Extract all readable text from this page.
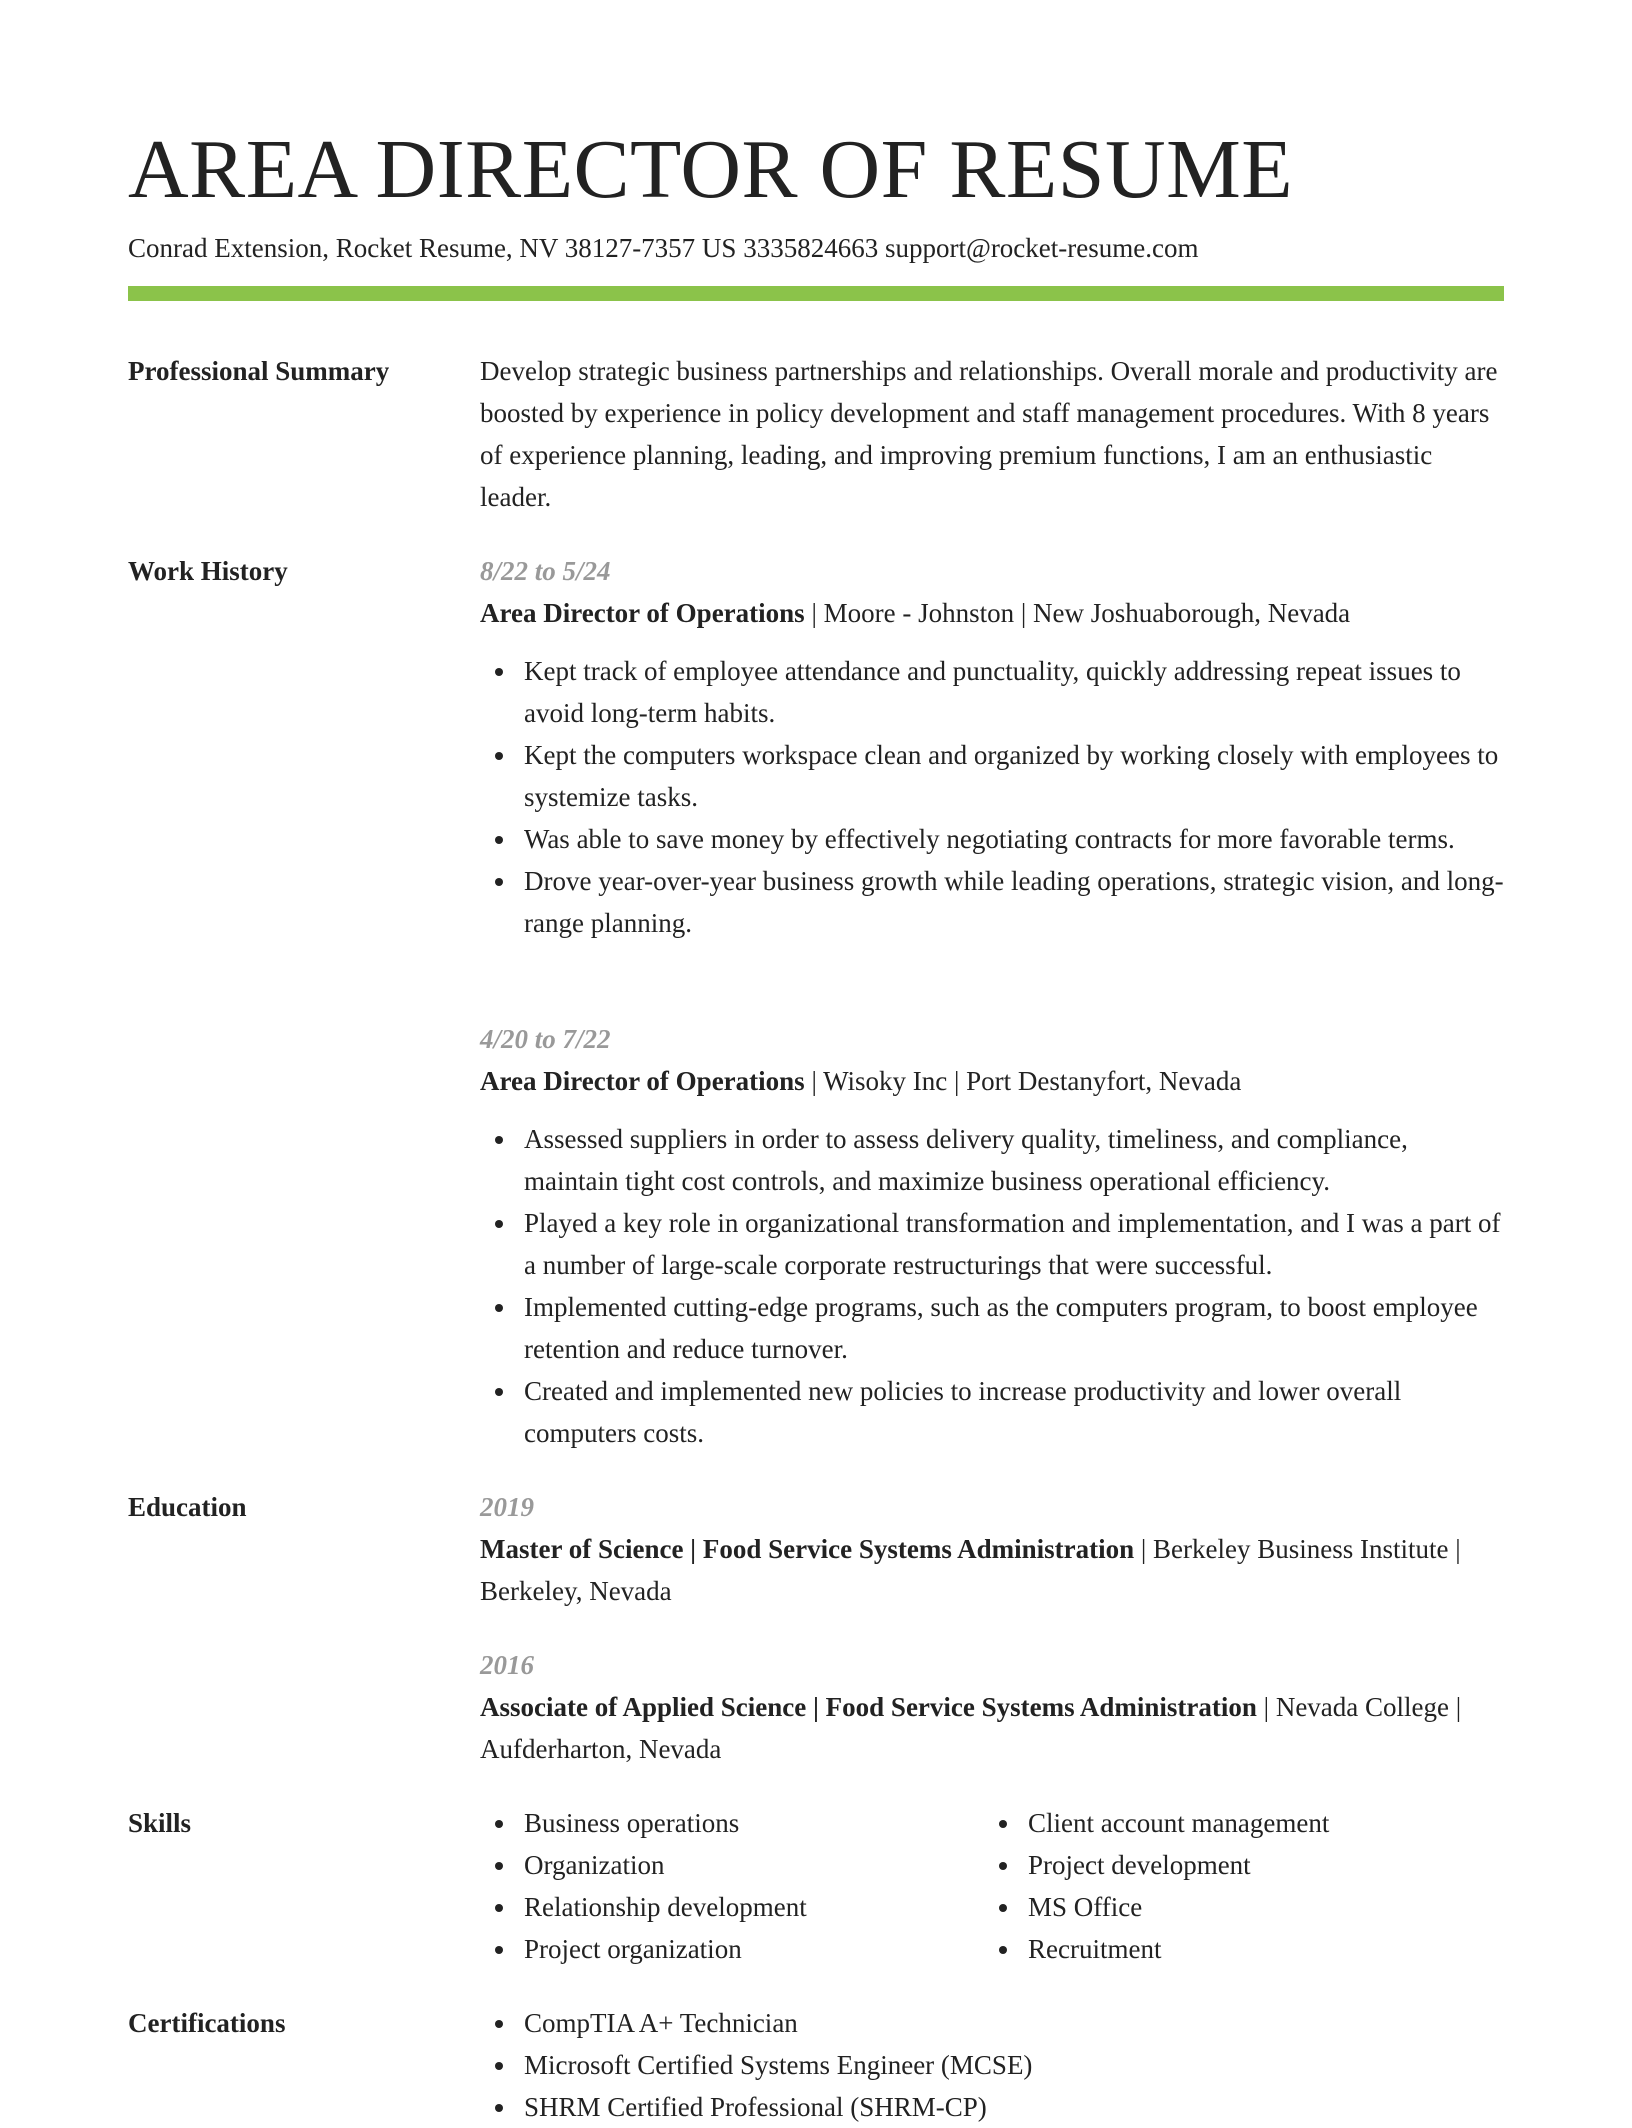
AREA DIRECTOR OF RESUME
Conrad Extension, Rocket Resume, NV 38127-7357 US 3335824663 support@rocket-resume.com
Professional Summary	Develop strategic business partnerships and relationships. Overall morale and productivity are boosted by experience in policy development and staff management procedures. With 8 years of experience planning, leading, and improving premium functions, I am an enthusiastic leader.

Work History	8/22 to 5/24

Area Director of Operations | Moore - Johnston | New Joshuaborough, Nevada

Kept track of employee attendance and punctuality, quickly addressing repeat issues to avoid long-term habits.
Kept the computers workspace clean and organized by working closely with employees to systemize tasks.
Was able to save money by effectively negotiating contracts for more favorable terms.
Drove year-over-year business growth while leading operations, strategic vision, and long-range planning.

4/20 to 7/22

Area Director of Operations | Wisoky Inc | Port Destanyfort, Nevada

Assessed suppliers in order to assess delivery quality, timeliness, and compliance, maintain tight cost controls, and maximize business operational efficiency.
Played a key role in organizational transformation and implementation, and I was a part of a number of large-scale corporate restructurings that were successful.
Implemented cutting-edge programs, such as the computers program, to boost employee retention and reduce turnover.
Created and implemented new policies to increase productivity and lower overall computers costs.
Education	2019

Master of Science | Food Service Systems Administration | Berkeley Business Institute | Berkeley, Nevada

2016

Associate of Applied Science | Food Service Systems Administration | Nevada College | Aufderharton, Nevada

Skills	Business operations
Organization
Relationship development
Project organization
Client account management
Project development
MS Office
Recruitment
Certifications	CompTIA A+ Technician
Microsoft Certified Systems Engineer (MCSE)
SHRM Certified Professional (SHRM-CP)
